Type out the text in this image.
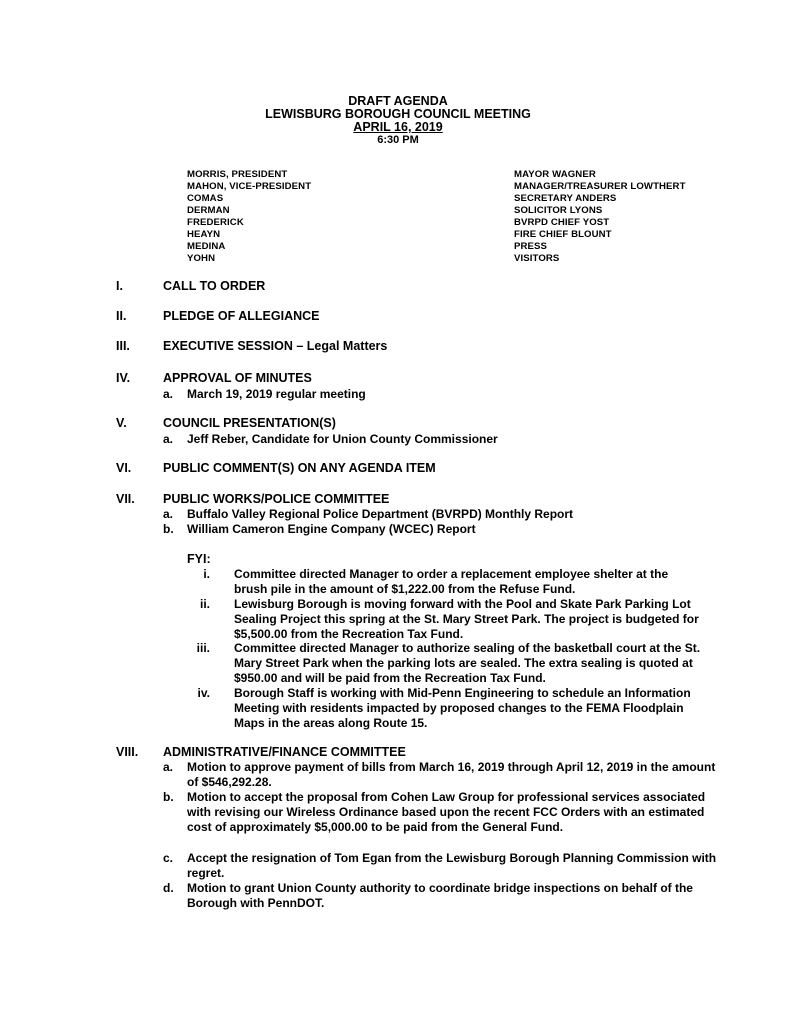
DRAFT AGENDA
LEWISBURG BOROUGH COUNCIL MEETING
APRIL 16, 2019
6:30 PM
MORRIS, PRESIDENT
MAHON, VICE-PRESIDENT
COMAS
DERMAN
FREDERICK
HEAYN
MEDINA
YOHN
MAYOR WAGNER
MANAGER/TREASURER LOWTHERT
SECRETARY ANDERS
SOLICITOR LYONS
BVRPD CHIEF YOST
FIRE CHIEF BLOUNT
PRESS
VISITORS
I.	CALL TO ORDER
II.	PLEDGE OF ALLEGIANCE
III.	EXECUTIVE SESSION – Legal Matters
IV.	APPROVAL OF MINUTES
a.	March 19, 2019 regular meeting
V.	COUNCIL PRESENTATION(S)
a.	Jeff Reber, Candidate for Union County Commissioner
VI.	PUBLIC COMMENT(S) ON ANY AGENDA ITEM
VII. PUBLIC WORKS/POLICE COMMITTEE
a.	Buffalo Valley Regional Police Department (BVRPD) Monthly Report
b.	William Cameron Engine Company (WCEC) Report
FYI:
i. Committee directed Manager to order a replacement employee shelter at the brush pile in the amount of $1,222.00 from the Refuse Fund.
ii. Lewisburg Borough is moving forward with the Pool and Skate Park Parking Lot Sealing Project this spring at the St. Mary Street Park. The project is budgeted for $5,500.00 from the Recreation Tax Fund.
iii. Committee directed Manager to authorize sealing of the basketball court at the St. Mary Street Park when the parking lots are sealed. The extra sealing is quoted at $950.00 and will be paid from the Recreation Tax Fund.
iv. Borough Staff is working with Mid-Penn Engineering to schedule an Information Meeting with residents impacted by proposed changes to the FEMA Floodplain Maps in the areas along Route 15.
VIII. ADMINISTRATIVE/FINANCE COMMITTEE
a.	Motion to approve payment of bills from March 16, 2019 through April 12, 2019 in the amount of $546,292.28.
b.	Motion to accept the proposal from Cohen Law Group for professional services associated with revising our Wireless Ordinance based upon the recent FCC Orders with an estimated cost of approximately $5,000.00 to be paid from the General Fund.
c.	Accept the resignation of Tom Egan from the Lewisburg Borough Planning Commission with regret.
d.	Motion to grant Union County authority to coordinate bridge inspections on behalf of the Borough with PennDOT.
